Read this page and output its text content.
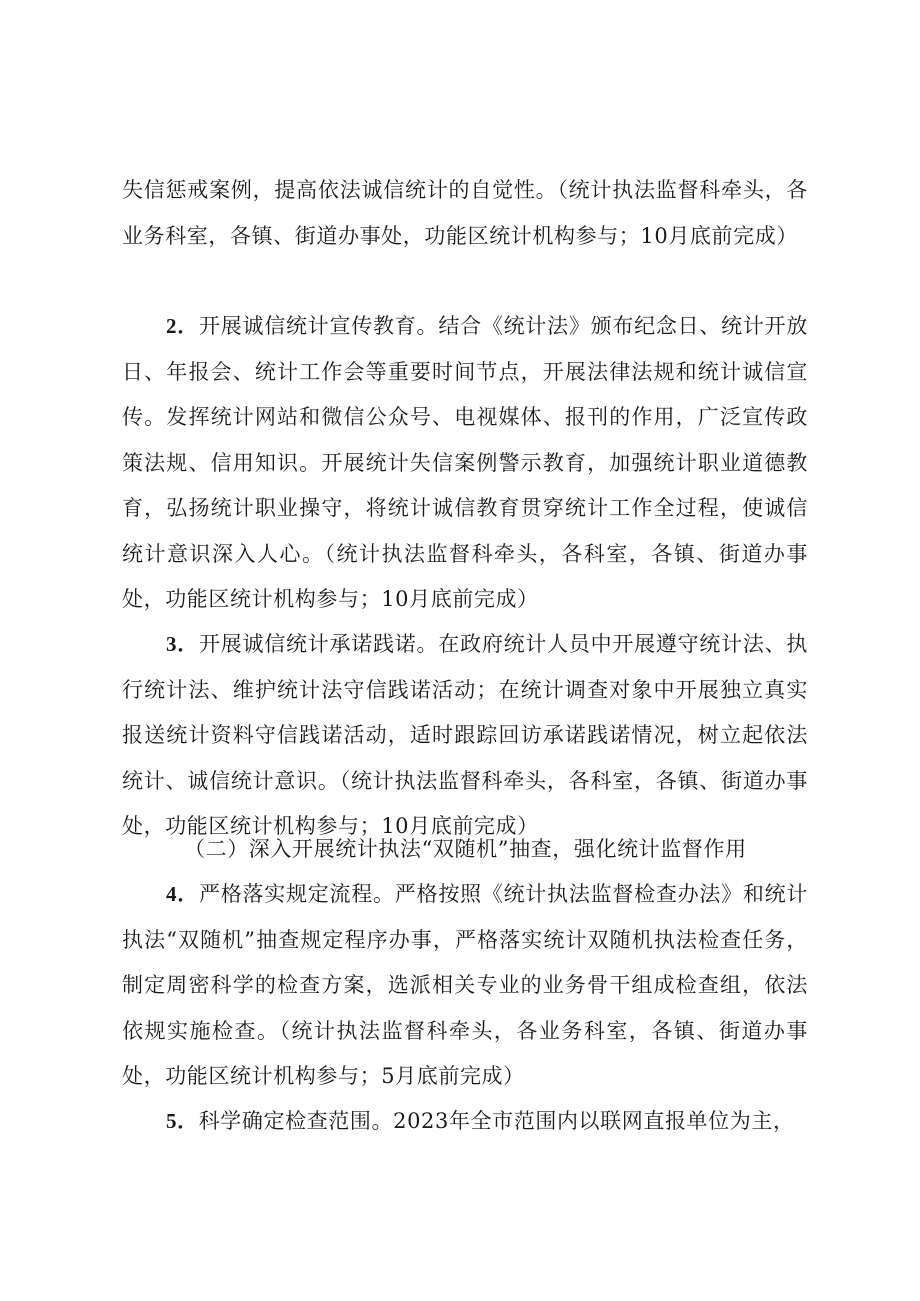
失信惩戒案例，提高依法诚信统计的自觉性。（统计执法监督科牵头，各业务科室，各镇、街道办事处，功能区统计机构参与；10月底前完成）

2．开展诚信统计宣传教育。结合《统计法》颁布纪念日、统计开放日、年报会、统计工作会等重要时间节点，开展法律法规和统计诚信宣传。发挥统计网站和微信公众号、电视媒体、报刊的作用，广泛宣传政策法规、信用知识。开展统计失信案例警示教育，加强统计职业道德教育，弘扬统计职业操守，将统计诚信教育贯穿统计工作全过程，使诚信统计意识深入人心。（统计执法监督科牵头，各科室，各镇、街道办事处，功能区统计机构参与；10月底前完成）

3．开展诚信统计承诺践诺。在政府统计人员中开展遵守统计法、执行统计法、维护统计法守信践诺活动；在统计调查对象中开展独立真实报送统计资料守信践诺活动，适时跟踪回访承诺践诺情况，树立起依法统计、诚信统计意识。（统计执法监督科牵头，各科室，各镇、街道办事处，功能区统计机构参与；10月底前完成）

（二）深入开展统计执法“双随机”抽查，强化统计监督作用

4．严格落实规定流程。严格按照《统计执法监督检查办法》和统计执法“双随机”抽查规定程序办事，严格落实统计双随机执法检查任务，制定周密科学的检查方案，选派相关专业的业务骨干组成检查组，依法依规实施检查。（统计执法监督科牵头，各业务科室，各镇、街道办事处，功能区统计机构参与；5月底前完成）

5．科学确定检查范围。2023年全市范围内以联网直报单位为主，
